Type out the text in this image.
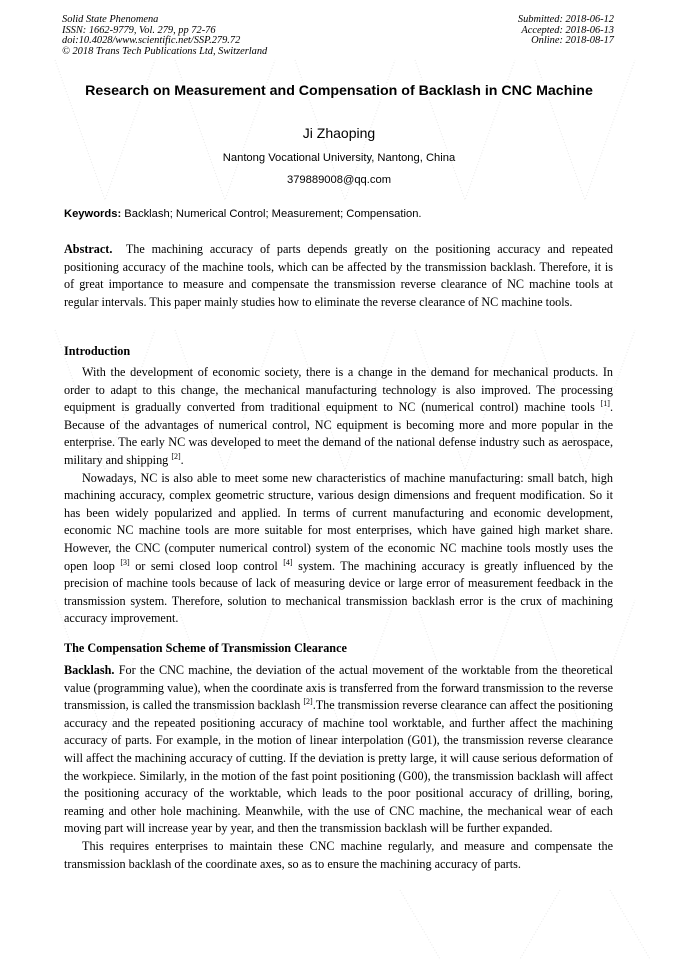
Solid State Phenomena
ISSN: 1662-9779, Vol. 279, pp 72-76
doi:10.4028/www.scientific.net/SSP.279.72
© 2018 Trans Tech Publications Ltd, Switzerland
Submitted: 2018-06-12
Accepted: 2018-06-13
Online: 2018-08-17
Research on Measurement and Compensation of Backlash in CNC Machine
Ji Zhaoping
Nantong Vocational University, Nantong, China
379889008@qq.com
Keywords: Backlash; Numerical Control; Measurement; Compensation.

Abstract.  The machining accuracy of parts depends greatly on the positioning accuracy and repeated positioning accuracy of the machine tools, which can be affected by the transmission backlash. Therefore, it is of great importance to measure and compensate the transmission reverse clearance of NC machine tools at regular intervals. This paper mainly studies how to eliminate the reverse clearance of NC machine tools.

Introduction

With the development of economic society, there is a change in the demand for mechanical products. In order to adapt to this change, the mechanical manufacturing technology is also improved. The processing equipment is gradually converted from traditional equipment to NC (numerical control) machine tools [1]. Because of the advantages of numerical control, NC equipment is becoming more and more popular in the enterprise. The early NC was developed to meet the demand of the national defense industry such as aerospace, military and shipping [2].

Nowadays, NC is also able to meet some new characteristics of machine manufacturing: small batch, high machining accuracy, complex geometric structure, various design dimensions and frequent modification. So it has been widely popularized and applied. In terms of current manufacturing and economic development, economic NC machine tools are more suitable for most enterprises, which have gained high market share. However, the CNC (computer numerical control) system of the economic NC machine tools mostly uses the open loop [3] or semi closed loop control [4] system. The machining accuracy is greatly influenced by the precision of machine tools because of lack of measuring device or large error of measurement feedback in the transmission system. Therefore, solution to mechanical transmission backlash error is the crux of machining accuracy improvement.

The Compensation Scheme of Transmission Clearance

Backlash. For the CNC machine, the deviation of the actual movement of the worktable from the theoretical value (programming value), when the coordinate axis is transferred from the forward transmission to the reverse transmission, is called the transmission backlash [2].The transmission reverse clearance can affect the positioning accuracy and the repeated positioning accuracy of machine tool worktable, and further affect the machining accuracy of parts. For example, in the motion of linear interpolation (G01), the transmission reverse clearance will affect the machining accuracy of cutting. If the deviation is pretty large, it will cause serious deformation of the workpiece. Similarly, in the motion of the fast point positioning (G00), the transmission backlash will affect the positioning accuracy of the worktable, which leads to the poor positional accuracy of drilling, boring, reaming and other hole machining. Meanwhile, with the use of CNC machine, the mechanical wear of each moving part will increase year by year, and then the transmission backlash will be further expanded.

This requires enterprises to maintain these CNC machine regularly, and measure and compensate the transmission backlash of the coordinate axes, so as to ensure the machining accuracy of parts.
